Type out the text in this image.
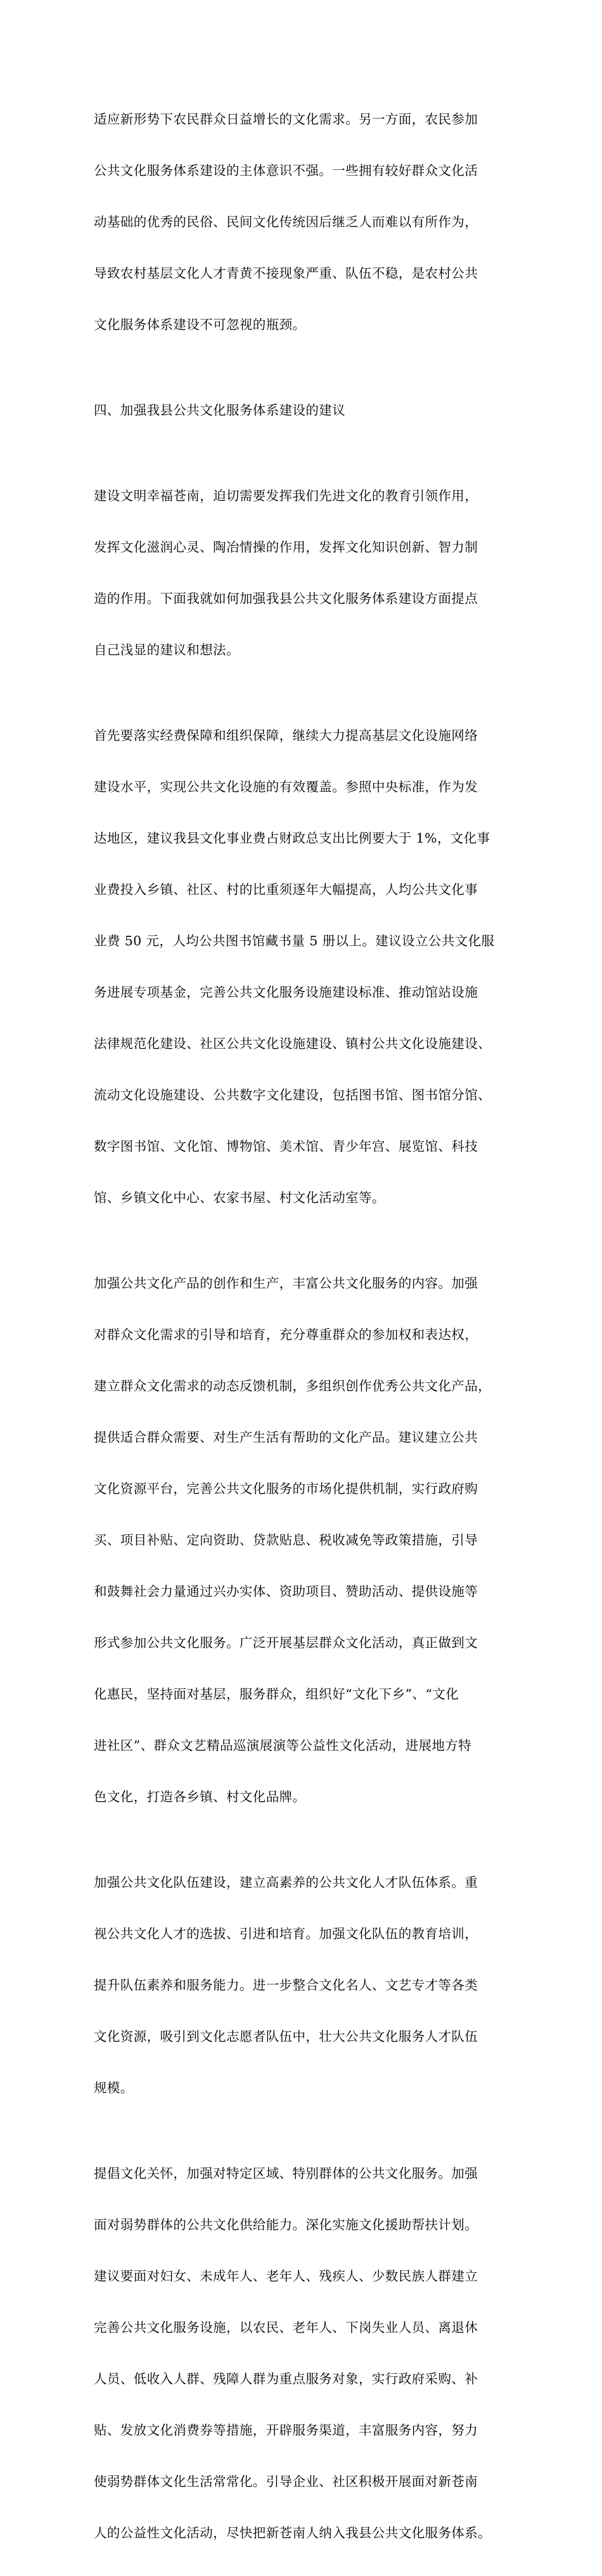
适应新形势下农民群众日益增长的文化需求。另一方面，农民参加

公共文化服务体系建设的主体意识不强。一些拥有较好群众文化活

动基础的优秀的民俗、民间文化传统因后继乏人而难以有所作为，

导致农村基层文化人才青黄不接现象严重、队伍不稳，是农村公共

文化服务体系建设不可忽视的瓶颈。

四、加强我县公共文化服务体系建设的建议

建设文明幸福苍南，迫切需要发挥我们先进文化的教育引领作用，

发挥文化滋润心灵、陶冶情操的作用，发挥文化知识创新、智力制

造的作用。下面我就如何加强我县公共文化服务体系建设方面提点

自己浅显的建议和想法。

首先要落实经费保障和组织保障，继续大力提高基层文化设施网络

建设水平，实现公共文化设施的有效覆盖。参照中央标准，作为发

达地区，建议我县文化事业费占财政总支出比例要大于 1%，文化事

业费投入乡镇、社区、村的比重须逐年大幅提高，人均公共文化事

业费 50 元，人均公共图书馆藏书量 5 册以上。建议设立公共文化服

务进展专项基金，完善公共文化服务设施建设标准、推动馆站设施

法律规范化建设、社区公共文化设施建设、镇村公共文化设施建设、

流动文化设施建设、公共数字文化建设，包括图书馆、图书馆分馆、

数字图书馆、文化馆、博物馆、美术馆、青少年宫、展览馆、科技

馆、乡镇文化中心、农家书屋、村文化活动室等。

加强公共文化产品的创作和生产，丰富公共文化服务的内容。加强

对群众文化需求的引导和培育，充分尊重群众的参加权和表达权，

建立群众文化需求的动态反馈机制，多组织创作优秀公共文化产品，

提供适合群众需要、对生产生活有帮助的文化产品。建议建立公共

文化资源平台，完善公共文化服务的市场化提供机制，实行政府购

买、项目补贴、定向资助、贷款贴息、税收减免等政策措施，引导

和鼓舞社会力量通过兴办实体、资助项目、赞助活动、提供设施等

形式参加公共文化服务。广泛开展基层群众文化活动，真正做到文

化惠民，坚持面对基层，服务群众，组织好“文化下乡”、“文化

进社区”、群众文艺精品巡演展演等公益性文化活动，进展地方特

色文化，打造各乡镇、村文化品牌。

加强公共文化队伍建设，建立高素养的公共文化人才队伍体系。重

视公共文化人才的选拔、引进和培育。加强文化队伍的教育培训，

提升队伍素养和服务能力。进一步整合文化名人、文艺专才等各类

文化资源，吸引到文化志愿者队伍中，壮大公共文化服务人才队伍

规模。

提倡文化关怀，加强对特定区域、特别群体的公共文化服务。加强

面对弱势群体的公共文化供给能力。深化实施文化援助帮扶计划。

建议要面对妇女、未成年人、老年人、残疾人、少数民族人群建立

完善公共文化服务设施，以农民、老年人、下岗失业人员、离退休

人员、低收入人群、残障人群为重点服务对象，实行政府采购、补

贴、发放文化消费券等措施，开辟服务渠道，丰富服务内容，努力

使弱势群体文化生活常常化。引导企业、社区积极开展面对新苍南

人的公益性文化活动，尽快把新苍南人纳入我县公共文化服务体系。
